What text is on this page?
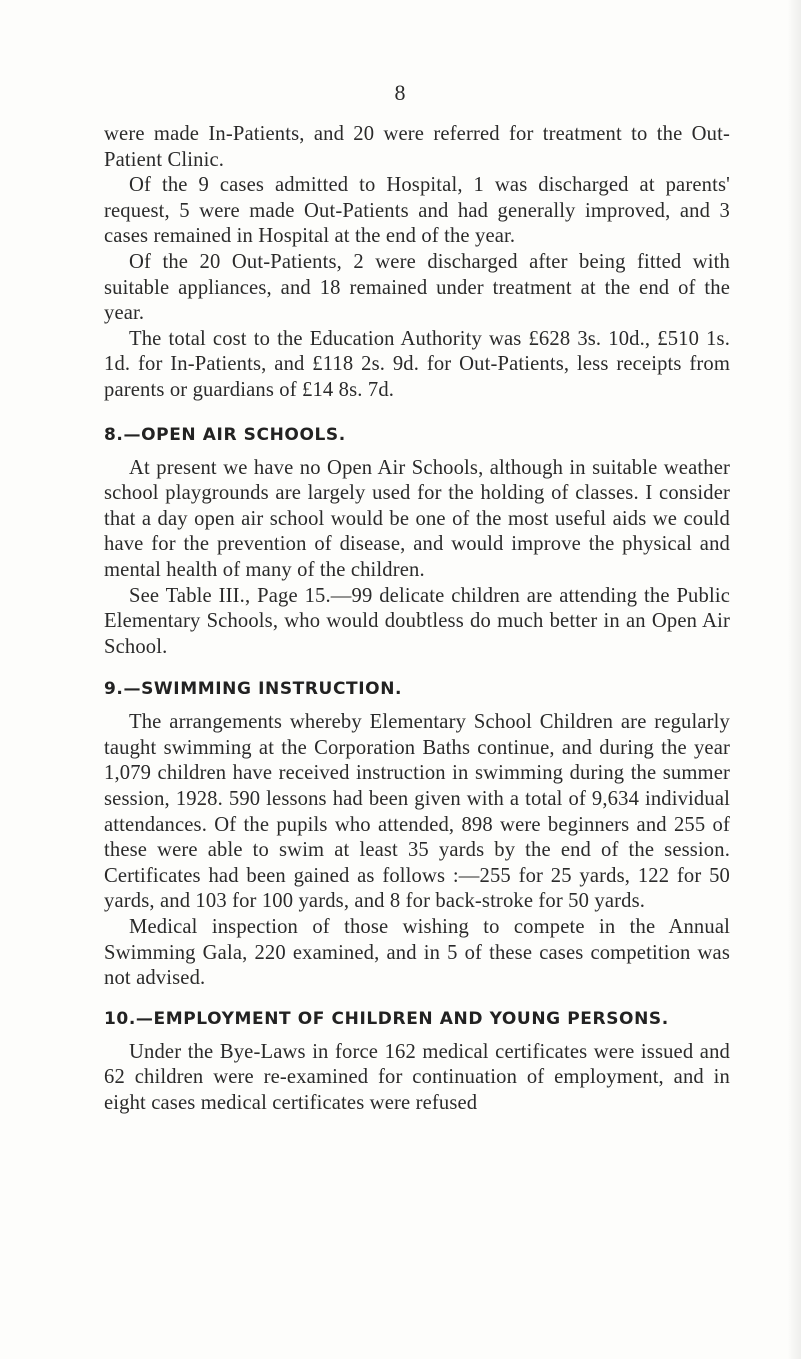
8

were made In-Patients, and 20 were referred for treatment to the Out-Patient Clinic.

Of the 9 cases admitted to Hospital, 1 was discharged at parents' request, 5 were made Out-Patients and had generally improved, and 3 cases remained in Hospital at the end of the year.

Of the 20 Out-Patients, 2 were discharged after being fitted with suitable appliances, and 18 remained under treatment at the end of the year.

The total cost to the Education Authority was £628 3s. 10d., £510 1s. 1d. for In-Patients, and £118 2s. 9d. for Out-Patients, less receipts from parents or guardians of £14 8s. 7d.

8.—OPEN AIR SCHOOLS.

At present we have no Open Air Schools, although in suitable weather school playgrounds are largely used for the holding of classes. I consider that a day open air school would be one of the most useful aids we could have for the prevention of disease, and would improve the physical and mental health of many of the children.

See Table III., Page 15.—99 delicate children are attending the Public Elementary Schools, who would doubtless do much better in an Open Air School.

9.—SWIMMING INSTRUCTION.

The arrangements whereby Elementary School Children are regularly taught swimming at the Corporation Baths continue, and during the year 1,079 children have received instruction in swimming during the summer session, 1928. 590 lessons had been given with a total of 9,634 individual attendances. Of the pupils who attended, 898 were beginners and 255 of these were able to swim at least 35 yards by the end of the session. Certificates had been gained as follows :—255 for 25 yards, 122 for 50 yards, and 103 for 100 yards, and 8 for back-stroke for 50 yards.

Medical inspection of those wishing to compete in the Annual Swimming Gala, 220 examined, and in 5 of these cases competition was not advised.

10.—EMPLOYMENT OF CHILDREN AND YOUNG PERSONS.

Under the Bye-Laws in force 162 medical certificates were issued and 62 children were re-examined for continuation of employment, and in eight cases medical certificates were refused
